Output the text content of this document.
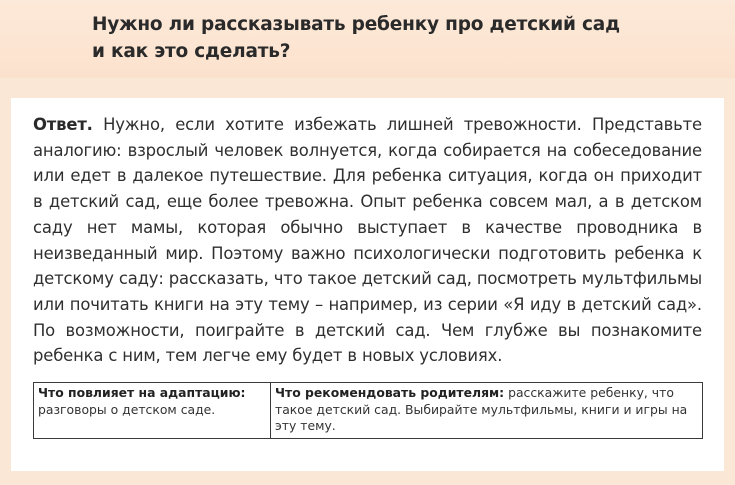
Нужно ли рассказывать ребенку про детский сад
и как это сделать?

Ответ. Нужно, если хотите избежать лишней тревожности. Представьте аналогию: взрослый человек волнуется, когда собирается на собеседование или едет в далекое путешествие. Для ребенка ситуация, когда он приходит в детский сад, еще более тревожна. Опыт ребенка совсем мал, а в детском саду нет мамы, которая обычно выступает в качестве проводника в неизведанный мир. Поэтому важно психологически подготовить ребенка к детскому саду: рассказать, что такое детский сад, посмотреть мультфильмы или почитать книги на эту тему – например, из серии «Я иду в детский сад». По возможности, поиграйте в детский сад. Чем глубже вы познакомите ребенка с ним, тем легче ему будет в новых условиях.

Что повлияет на адаптацию: разговоры о детском саде.	Что рекомендовать родителям: расскажите ребенку, что такое детский сад. Выбирайте мультфильмы, книги и игры на эту тему.
